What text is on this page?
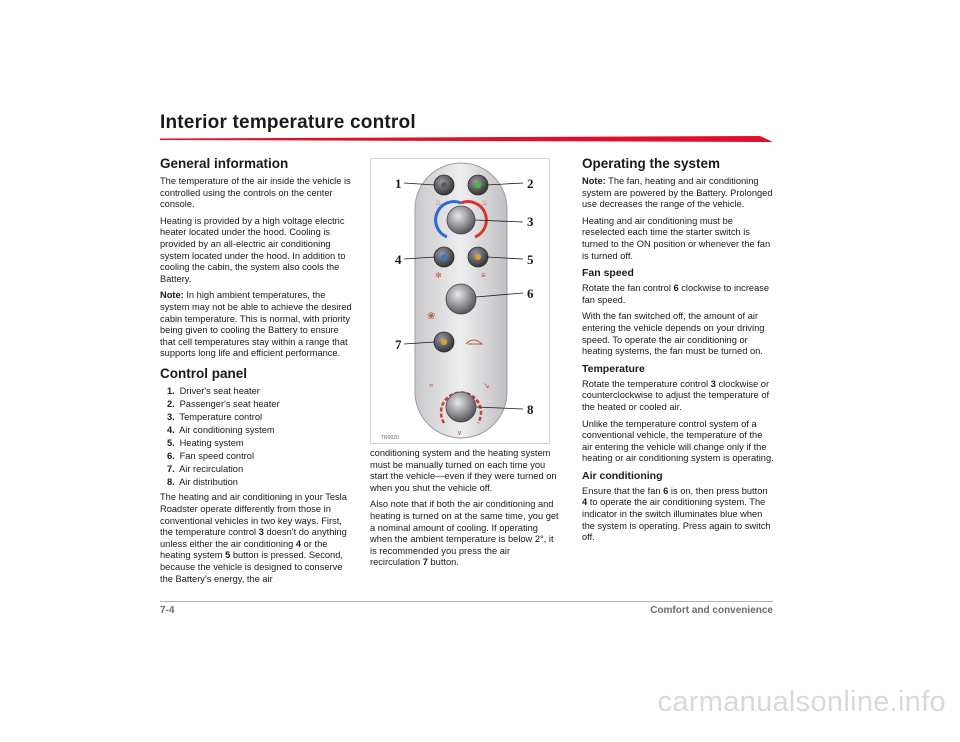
Interior temperature control
General information

The temperature of the air inside the vehicle is controlled using the controls on the center console.

Heating is provided by a high voltage electric heater located under the hood. Cooling is provided by an all-electric air conditioning system located under the hood. In addition to cooling the cabin, the system also cools the Battery.

Note: In high ambient temperatures, the system may not be able to achieve the desired cabin temperature. This is normal, with priority being given to cooling the Battery to ensure that cell temperatures stay within a range that supports long life and efficient performance.

Control panel
1. Driver's seat heater
2. Passenger's seat heater
3. Temperature control
4. Air conditioning system
5. Heating system
6. Fan speed control
7. Air recirculation
8. Air distribution

The heating and air conditioning in your Tesla Roadster operate differently from those in conventional vehicles in two key ways. First, the temperature control 3 doesn't do anything unless either the air conditioning 4 or the heating system 5 button is pressed. Second, because the vehicle is designed to conserve the Battery's energy, the air

♨	♨
✻	≡
❀
≈	↘
∨
1	2
3
4	5
6
7
8
TR0020

conditioning system and the heating system must be manually turned on each time you start the vehicle—even if they were turned on when you shut the vehicle off.

Also note that if both the air conditioning and heating is turned on at the same time, you get a nominal amount of cooling. If operating when the ambient temperature is below 2°, it is recommended you press the air recirculation 7 button.

Operating the system

Note: The fan, heating and air conditioning system are powered by the Battery. Prolonged use decreases the range of the vehicle.

Heating and air conditioning must be reselected each time the starter switch is turned to the ON position or whenever the fan is turned off.

Fan speed

Rotate the fan control 6 clockwise to increase fan speed.

With the fan switched off, the amount of air entering the vehicle depends on your driving speed. To operate the air conditioning or heating systems, the fan must be turned on.

Temperature

Rotate the temperature control 3 clockwise or counterclockwise to adjust the temperature of the heated or cooled air.

Unlike the temperature control system of a conventional vehicle, the temperature of the air entering the vehicle will change only if the heating or air conditioning system is operating.

Air conditioning

Ensure that the fan 6 is on, then press button 4 to operate the air conditioning system. The indicator in the switch illuminates blue when the system is operating. Press again to switch off.

7-4	Comfort and convenience
carmanualsonline.info
